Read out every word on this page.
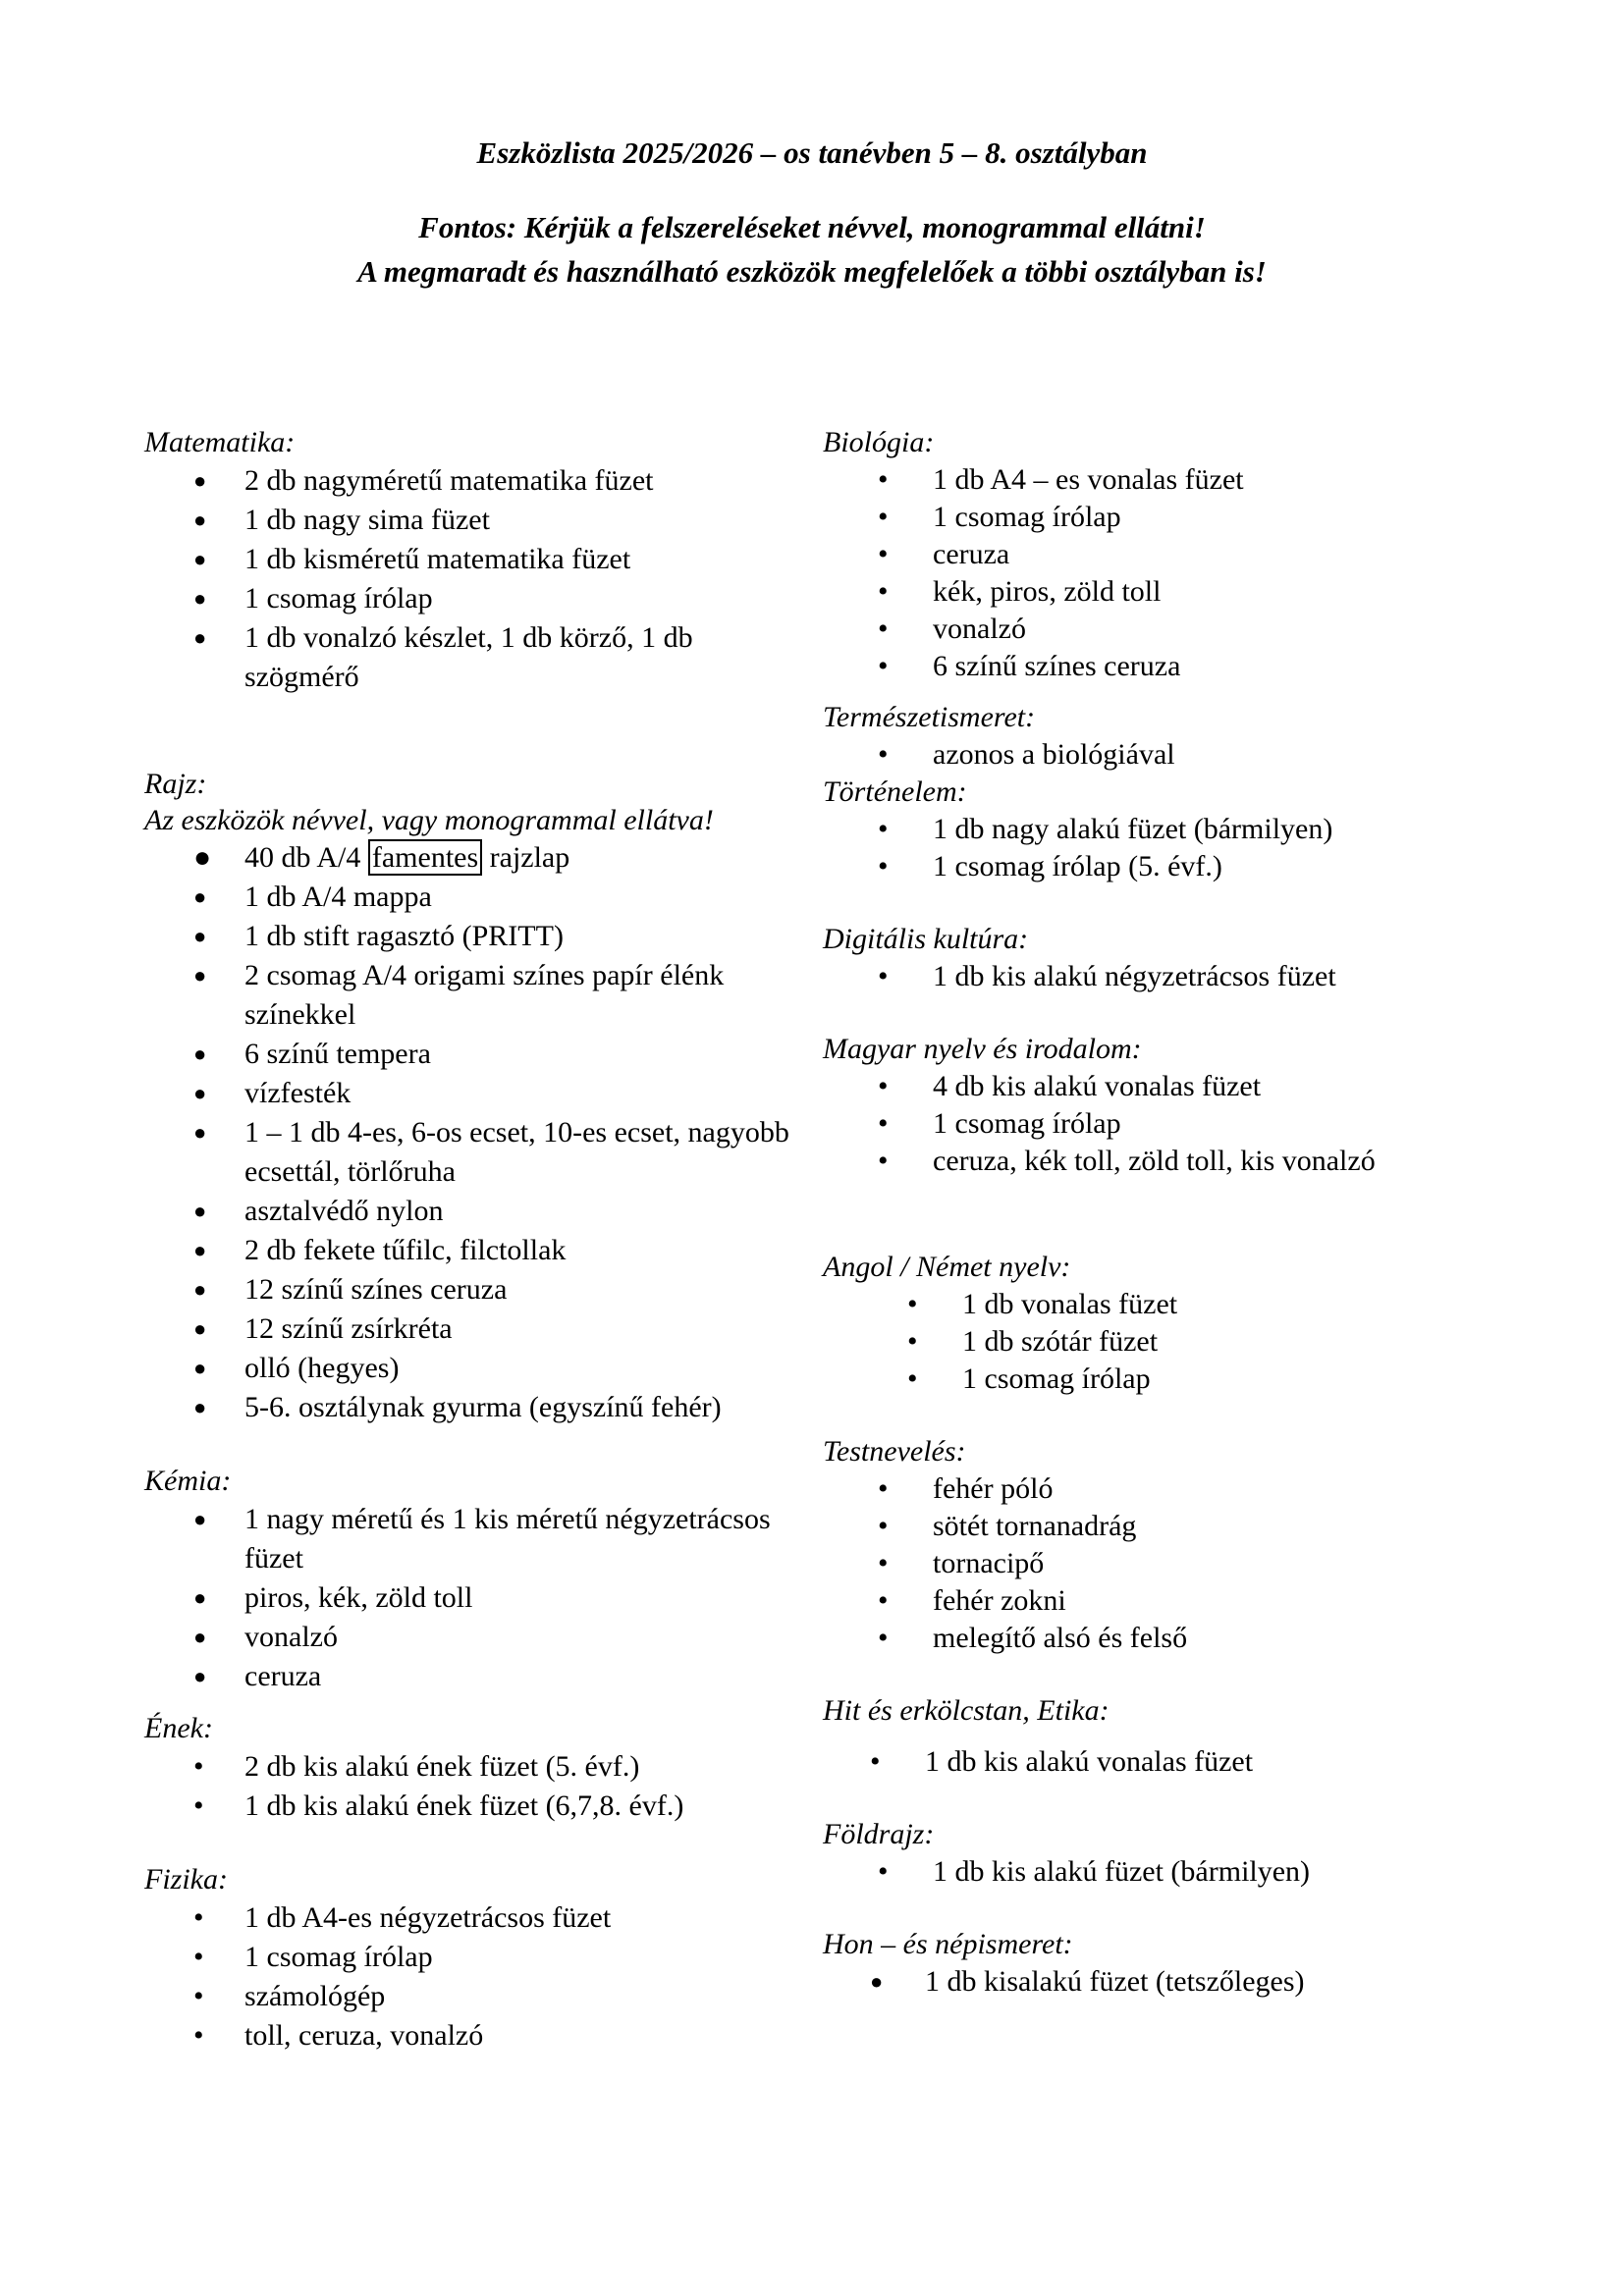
Eszközlista 2025/2026 – os tanévben 5 – 8. osztályban
Fontos: Kérjük a felszereléseket névvel, monogrammal ellátni!
A megmaradt és használható eszközök megfelelőek a többi osztályban is!

Matematika:

● 2 db nagyméretű matematika füzet
● 1 db nagy sima füzet
● 1 db kisméretű matematika füzet
● 1 csomag írólap
● 1 db vonalzó készlet, 1 db körző, 1 db szögmérő

Rajz:

Az eszközök névvel, vagy monogrammal ellátva!

● 40 db A/4 famentes rajzlap
● 1 db A/4 mappa
● 1 db stift ragasztó (PRITT)
● 2 csomag A/4 origami színes papír élénk színekkel
● 6 színű tempera
● vízfesték
● 1 – 1 db 4-es, 6-os ecset, 10-es ecset, nagyobb ecsettál, törlőruha
● asztalvédő nylon
● 2 db fekete tűfilc, filctollak
● 12 színű színes ceruza
● 12 színű zsírkréta
● olló (hegyes)
● 5-6. osztálynak gyurma (egyszínű fehér)

Kémia:

● 1 nagy méretű és 1 kis méretű négyzetrácsos füzet
● piros, kék, zöld toll
● vonalzó
● ceruza

Ének:

• 2 db kis alakú ének füzet (5. évf.)
• 1 db kis alakú ének füzet (6,7,8. évf.)

Fizika:

• 1 db A4-es négyzetrácsos füzet
• 1 csomag írólap
• számológép
• toll, ceruza, vonalzó

Biológia:

• 1 db A4 – es vonalas füzet
• 1 csomag írólap
• ceruza
• kék, piros, zöld toll
• vonalzó
• 6 színű színes ceruza

Természetismeret:

• azonos a biológiával

Történelem:

• 1 db nagy alakú füzet (bármilyen)
• 1 csomag írólap (5. évf.)

Digitális kultúra:

• 1 db kis alakú négyzetrácsos füzet

Magyar nyelv és irodalom:

• 4 db kis alakú vonalas füzet
• 1 csomag írólap
• ceruza, kék toll, zöld toll, kis vonalzó

Angol / Német nyelv:

• 1 db vonalas füzet
• 1 db szótár füzet
• 1 csomag írólap

Testnevelés:

• fehér póló
• sötét tornanadrág
• tornacipő
• fehér zokni
• melegítő alsó és felső

Hit és erkölcstan, Etika:

• 1 db kis alakú vonalas füzet

Földrajz:

• 1 db kis alakú füzet (bármilyen)

Hon – és népismeret:

● 1 db kisalakú füzet (tetszőleges)
